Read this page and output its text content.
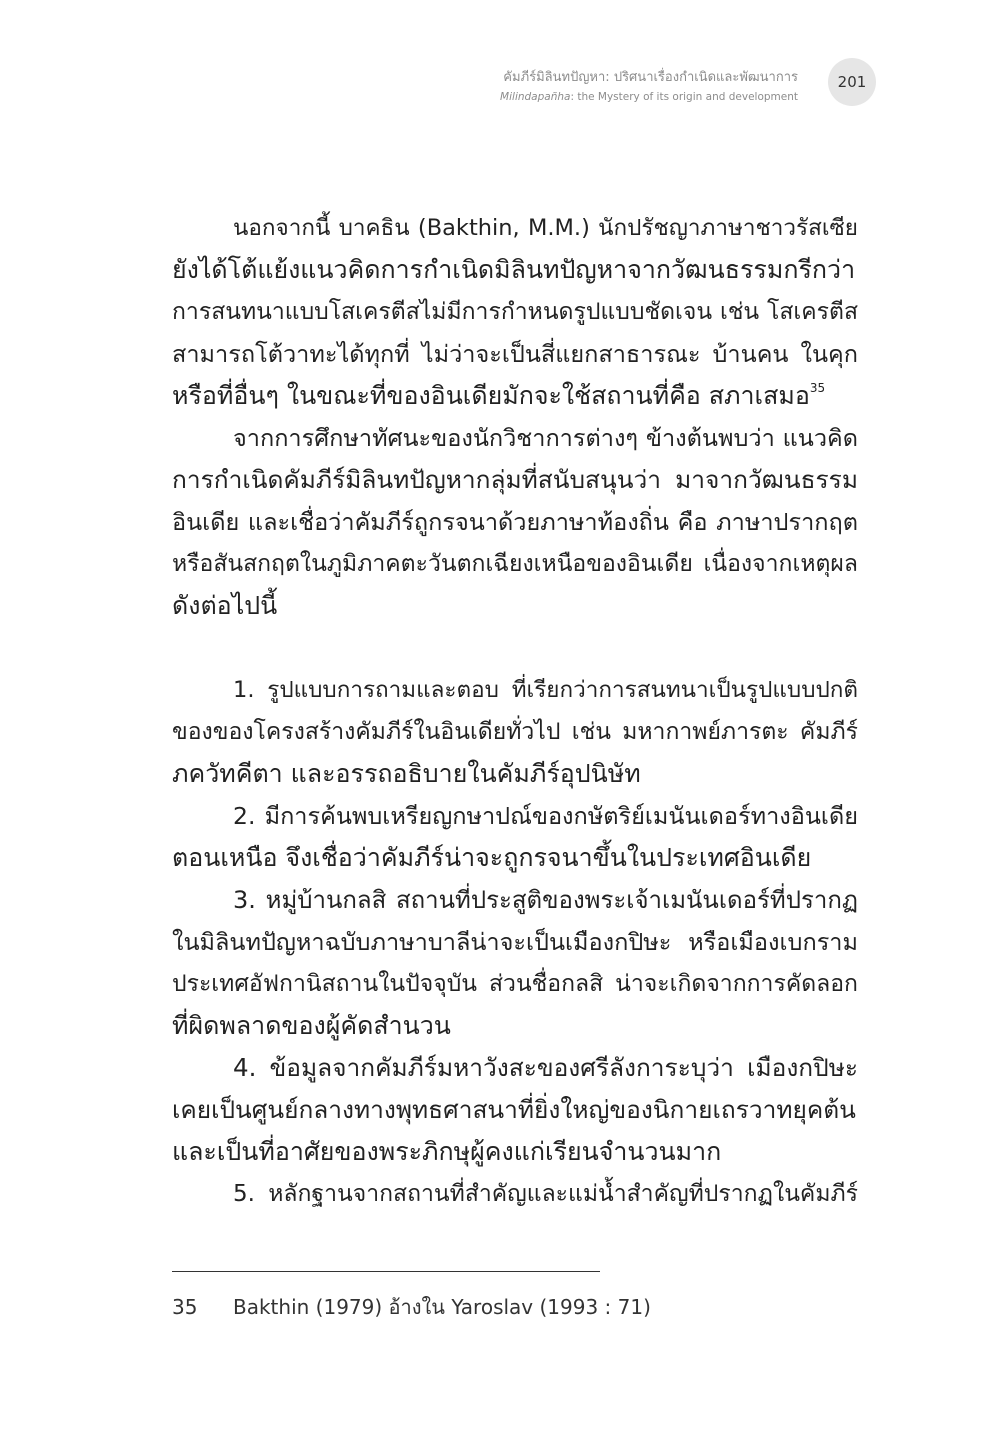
คัมภีร์มิลินทปัญหา: ปริศนาเรื่องกำเนิดและพัฒนาการ
Milindapañha: the Mystery of its origin and development
201
นอกจากนี้ บาคธิน (Bakthin, M.M.) นักปรัชญาภาษาชาวรัสเซีย
ยังได้โต้แย้งแนวคิดการกำเนิดมิลินทปัญหาจากวัฒนธรรมกรีกว่า
การสนทนาแบบโสเครตีสไม่มีการกำหนดรูปแบบชัดเจน เช่น โสเครตีส
สามารถโต้วาทะได้ทุกที่ ไม่ว่าจะเป็นสี่แยกสาธารณะ บ้านคน ในคุก
หรือที่อื่นๆ ในขณะที่ของอินเดียมักจะใช้สถานที่คือ สภาเสมอ$^{35}$
จากการศึกษาทัศนะของนักวิชาการต่างๆ ข้างต้นพบว่า แนวคิด
การกำเนิดคัมภีร์มิลินทปัญหากลุ่มที่สนับสนุนว่า มาจากวัฒนธรรม
อินเดีย และเชื่อว่าคัมภีร์ถูกรจนาด้วยภาษาท้องถิ่น คือ ภาษาปรากฤต
หรือสันสกฤตในภูมิภาคตะวันตกเฉียงเหนือของอินเดีย เนื่องจากเหตุผล
ดังต่อไปนี้
1. รูปแบบการถามและตอบ ที่เรียกว่าการสนทนาเป็นรูปแบบปกติ
ของของโครงสร้างคัมภีร์ในอินเดียทั่วไป เช่น มหากาพย์ภารตะ คัมภีร์
ภควัทคีตา และอรรถอธิบายในคัมภีร์อุปนิษัท
2. มีการค้นพบเหรียญกษาปณ์ของกษัตริย์เมนันเดอร์ทางอินเดีย
ตอนเหนือ จึงเชื่อว่าคัมภีร์น่าจะถูกรจนาขึ้นในประเทศอินเดีย
3. หมู่บ้านกลสิ สถานที่ประสูติของพระเจ้าเมนันเดอร์ที่ปรากฏ
ในมิลินทปัญหาฉบับภาษาบาลีน่าจะเป็นเมืองกปิษะ หรือเมืองเบกราม
ประเทศอัฟกานิสถานในปัจจุบัน ส่วนชื่อกลสิ น่าจะเกิดจากการคัดลอก
ที่ผิดพลาดของผู้คัดสำนวน
4. ข้อมูลจากคัมภีร์มหาวังสะของศรีลังการะบุว่า เมืองกปิษะ
เคยเป็นศูนย์กลางทางพุทธศาสนาที่ยิ่งใหญ่ของนิกายเถรวาทยุคต้น
และเป็นที่อาศัยของพระภิกษุผู้คงแก่เรียนจำนวนมาก
5. หลักฐานจากสถานที่สำคัญและแม่น้ำสำคัญที่ปรากฏในคัมภีร์
35 Bakthin (1979) อ้างใน Yaroslav (1993 : 71)
